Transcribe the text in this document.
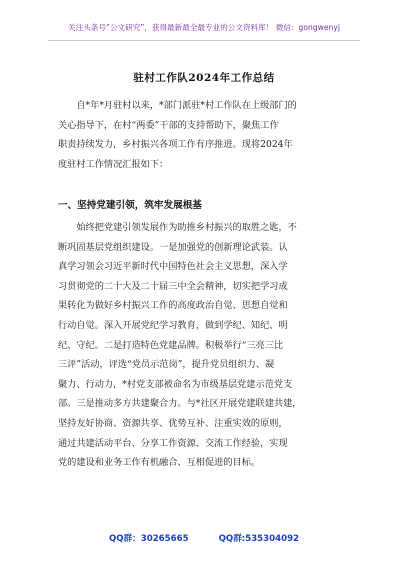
关注头条号“公文研究”，获得最新最全最专业的公文资料库！ 微信：gongwenyj
驻村工作队2024年工作总结
　　自*年*月驻村以来，*部门派驻*村工作队在上级部门的
关心指导下，在村“两委”干部的支持帮助下，聚焦工作
职责持续发力，乡村振兴各项工作有序推进。现将2024年
度驻村工作情况汇报如下：
一、坚持党建引领，筑牢发展根基
　　始终把党建引领发展作为助推乡村振兴的取胜之匙，不
断巩固基层党组织建设。一是加强党的创新理论武装。认
真学习领会习近平新时代中国特色社会主义思想，深入学
习贯彻党的二十大及二十届三中全会精神，切实把学习成
果转化为做好乡村振兴工作的高度政治自觉、思想自觉和
行动自觉。深入开展党纪学习教育，做到学纪、知纪、明
纪、守纪。二是打造特色党建品牌。积极举行“三亮三比
三评”活动，评选“党员示范岗”，提升党员组织力、凝
聚力、行动力，*村党支部被命名为市级基层党建示范党支
部。三是推动多方共建聚合力。与*社区开展党建联建共建，
坚持友好协商、资源共享、优势互补、注重实效的原则，
通过共建活动平台、分享工作资源、交流工作经验，实现
党的建设和业务工作有机融合、互相促进的目标。
QQ群：30265665	QQ群:535304092
